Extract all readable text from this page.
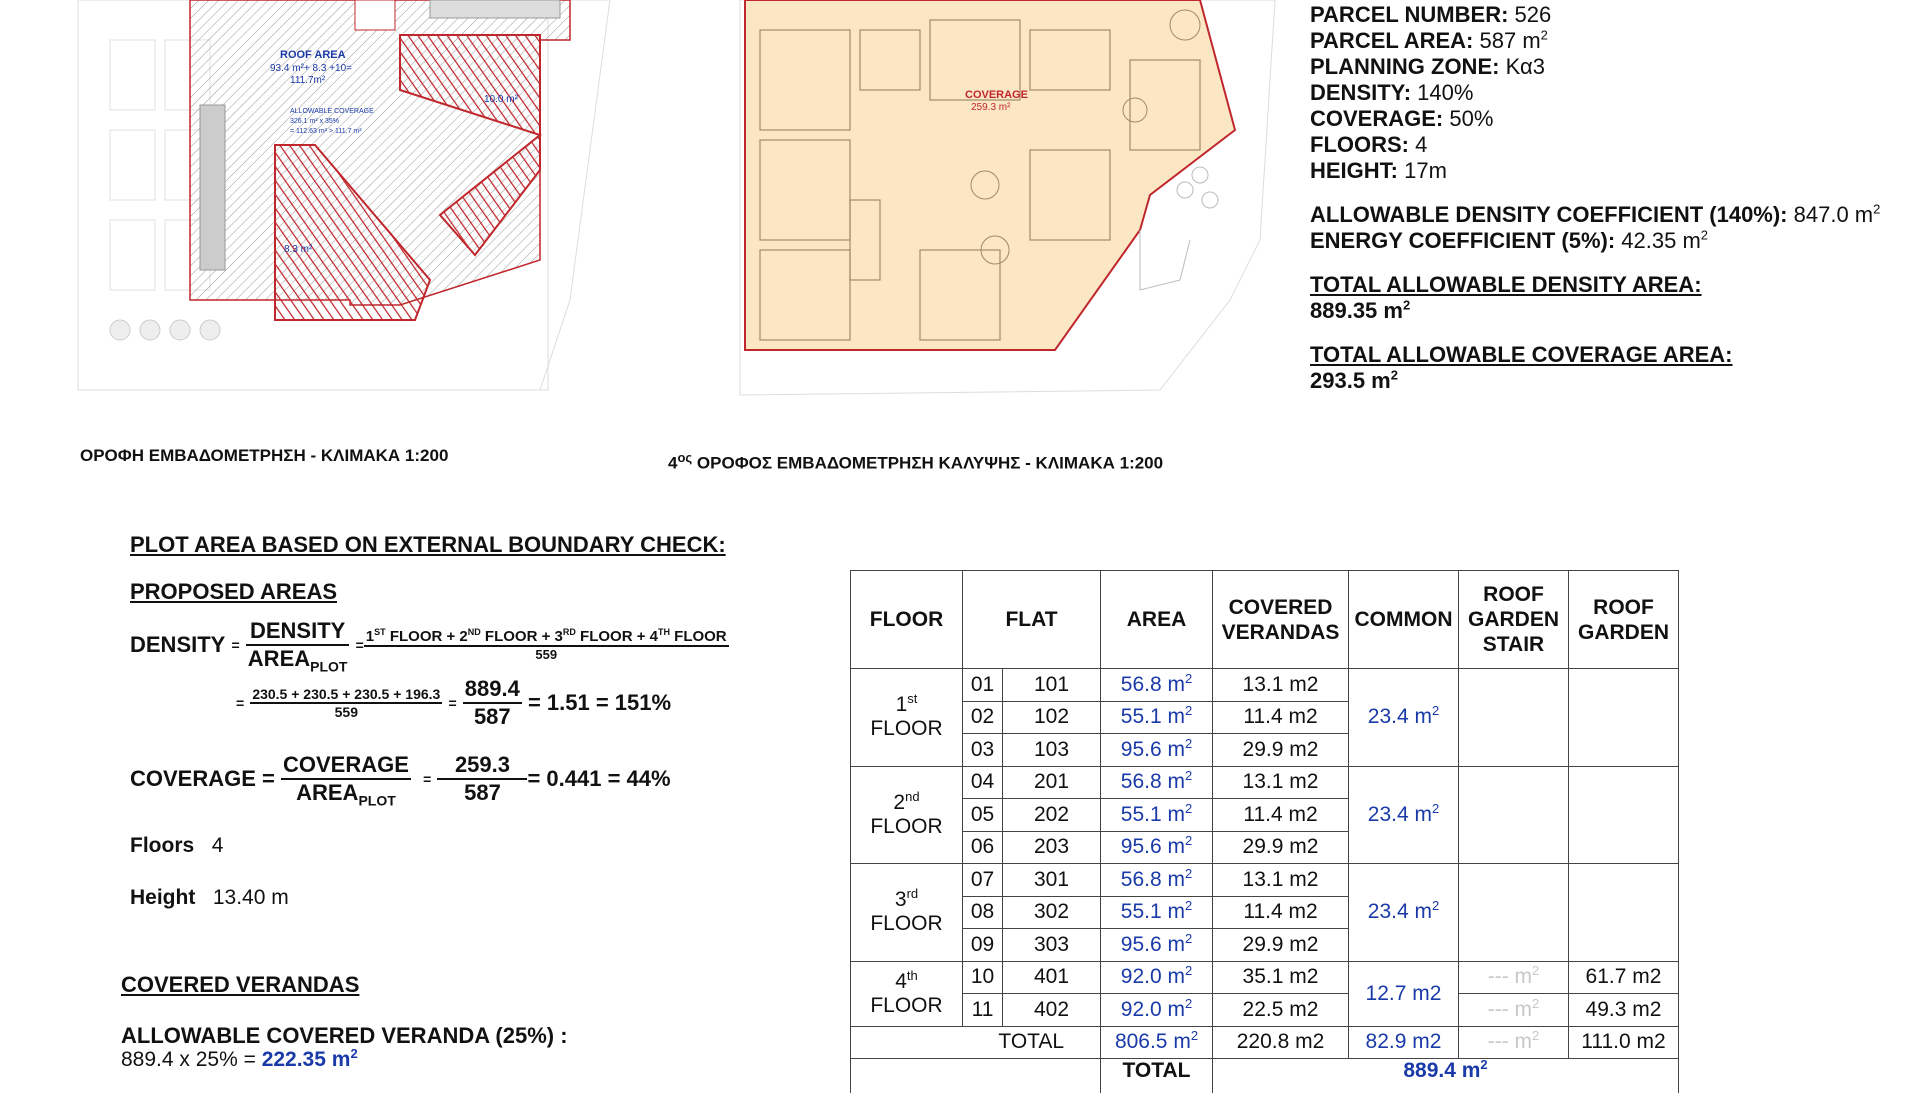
ROOF AREA
93.4 m²+ 8.3 +10=
111.7m²
ALLOWABLE COVERAGE
326.1 m² x 35%
= 112.63 m² > 111.7 m²
10.0 m²
8.3 m²
ΟΡΟΦΗ ΕΜΒΑΔΟΜΕΤΡΗΣΗ - ΚΛΙΜΑΚΑ 1:200
COVERAGE
259.3 m²
$4^{o\varsigma}$ ΟΡΟΦΟΣ ΕΜΒΑΔΟΜΕΤΡΗΣΗ ΚΑΛΥΨΗΣ - ΚΛΙΜΑΚΑ 1:200
PARCEL NUMBER: 526
PARCEL AREA: 587 $m^2$
PLANNING ZONE: Κα3
DENSITY: 140%
COVERAGE: 50%
FLOORS: 4
HEIGHT: 17m
ALLOWABLE DENSITY COEFFICIENT (140%): 847.0 $m^2$
ENERGY COEFFICIENT (5%): 42.35 $m^2$
TOTAL ALLOWABLE DENSITY AREA:
889.35 $m^2$
TOTAL ALLOWABLE COVERAGE AREA:
293.5 $m^2$
PLOT AREA BASED ON EXTERNAL BOUNDARY CHECK:
PROPOSED AREAS
DENSITY
=
$\frac{\text{DENSITY}}{AREA_{PLOT}}$
= $\frac{1^{ST} FLOOR + 2^{ND} FLOOR + 3^{RD} FLOOR + 4^{TH} FLOOR}{559}$
=
$\frac{230.5 + 230.5 + 230.5 + 196.3}{559}$
=
$\frac{889.4}{587}$
= 1.51 = 151%
COVERAGE = $\frac{\text{COVERAGE}}{AREA_{PLOT}}$
=
$\frac{259.3}{587} = 0.441 = 44\%$
Floors 4
Height 13.40 m
COVERED VERANDAS
ALLOWABLE COVERED VERANDA (25%) :
889.4 x 25% = 222.35 $m^2$
FLOOR	FLAT		AREA	COVERED
VERANDAS	COMMON	ROOF
GARDEN
STAIR	ROOF
GARDEN
1st
FLOOR	01	101	56.8 $m^2$	13.1 m2	23.4 $m^2$		
	02	102	55.1 $m^2$	11.4 m2			
	03	103	95.6 $m^2$	29.9 m2			
2nd
FLOOR	04	201	56.8 $m^2$	13.1 m2	23.4 $m^2$		
	05	202	55.1 $m^2$	11.4 m2			
	06	203	95.6 $m^2$	29.9 m2			
3rd
FLOOR	07	301	56.8 $m^2$	13.1 m2	23.4 $m^2$		
	08	302	55.1 $m^2$	11.4 m2			
	09	303	95.6 $m^2$	29.9 m2			
4th
FLOOR	10	401	92.0 $m^2$	35.1 m2	12.7 m2	--- $m^2$	61.7 m2
	11	402	92.0 $m^2$	22.5 m2		--- $m^2$	49.3 m2
	TOTAL		806.5 $m^2$	220.8 m2	82.9 m2	--- $m^2$	111.0 m2
			TOTAL	889.4 $m^2$
